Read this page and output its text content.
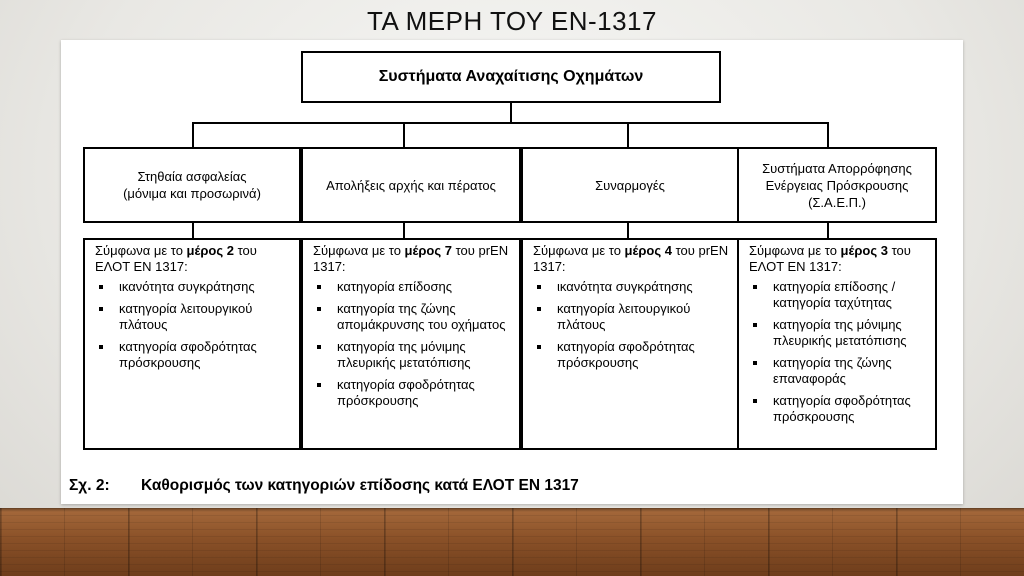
ΤΑ ΜΕΡΗ ΤΟΥ ΕΝ-1317
Συστήματα Αναχαίτισης Οχημάτων
Στηθαία ασφαλείας
(μόνιμα και προσωρινά)
Απολήξεις αρχής και πέρατος	Συναρμογές
Συστήματα Απορρόφησης Ενέργειας Πρόσκρουσης
(Σ.Α.Ε.Π.)
Σύμφωνα με το μέρος 2 του ΕΛΟΤ ΕΝ 1317:
ικανότητα συγκράτησης
κατηγορία λειτουργικού πλάτους
κατηγορία σφοδρότητας πρόσκρουσης
Σύμφωνα με το μέρος 7 του prEN 1317:
κατηγορία επίδοσης
κατηγορία της ζώνης απομάκρυνσης του οχήματος
κατηγορία της μόνιμης πλευρικής μετατόπισης
κατηγορία σφοδρότητας πρόσκρουσης
Σύμφωνα με το μέρος 4 του prEN 1317:
ικανότητα συγκράτησης
κατηγορία λειτουργικού πλάτους
κατηγορία σφοδρότητας πρόσκρουσης
Σύμφωνα με το μέρος 3 του ΕΛΟΤ ΕΝ 1317:
κατηγορία επίδοσης / κατηγορία ταχύτητας
κατηγορία της μόνιμης πλευρικής μετατόπισης
κατηγορία της ζώνης επαναφοράς
κατηγορία σφοδρότητας πρόσκρουσης
Σχ. 2: Καθορισμός των κατηγοριών επίδοσης κατά ΕΛΟΤ ΕΝ 1317
